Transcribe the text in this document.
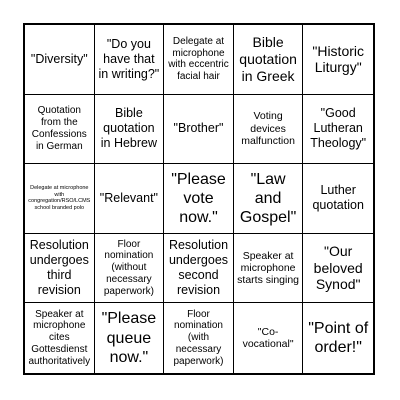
"Diversity"
"Do you have that in writing?"
Delegate at microphone with eccentric facial hair
Bible quotation in Greek
"Historic Liturgy"
Quotation from the Confessions in German
Bible quotation in Hebrew
"Brother"
Voting devices malfunction
"Good Lutheran Theology"
Delegate at microphone with congregation/RSO/LCMS school branded polo
"Relevant"
"Please vote now."
"Law and Gospel"
Luther quotation
Resolution undergoes third revision
Floor nomination (without necessary paperwork)
Resolution undergoes second revision
Speaker at microphone starts singing
"Our beloved Synod"
Speaker at microphone cites Gottesdienst authoritatively
"Please queue now."
Floor nomination (with necessary paperwork)
"Co-vocational"
"Point of order!"
